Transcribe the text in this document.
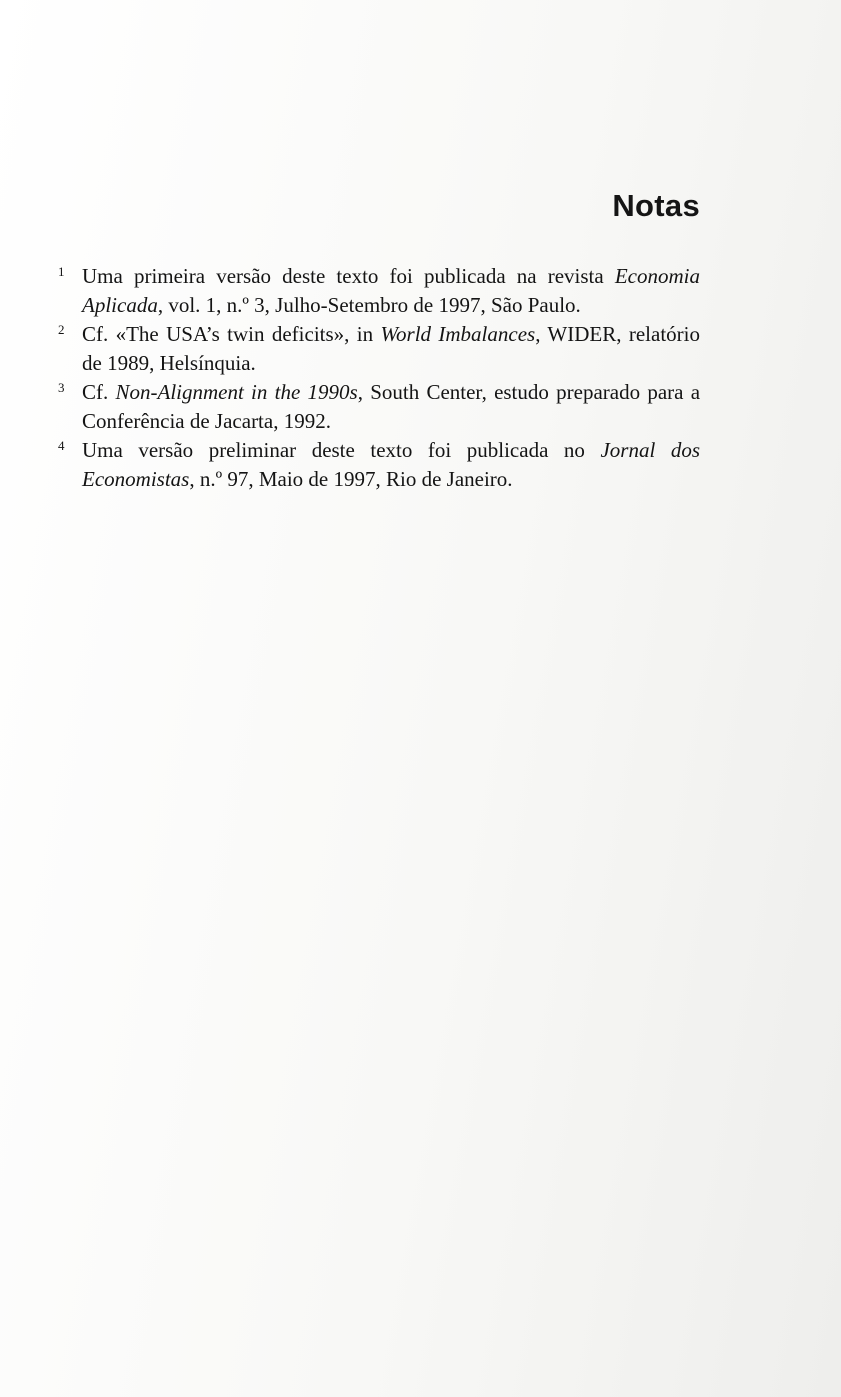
Notas
1 Uma primeira versão deste texto foi publicada na revista Economia Aplicada, vol. 1, n.º 3, Julho-Setembro de 1997, São Paulo.
2 Cf. «The USA’s twin deficits», in World Imbalances, WIDER, relatório de 1989, Helsínquia.
3 Cf. Non-Alignment in the 1990s, South Center, estudo preparado para a Conferência de Jacarta, 1992.
4 Uma versão preliminar deste texto foi publicada no Jornal dos Economistas, n.º 97, Maio de 1997, Rio de Janeiro.
